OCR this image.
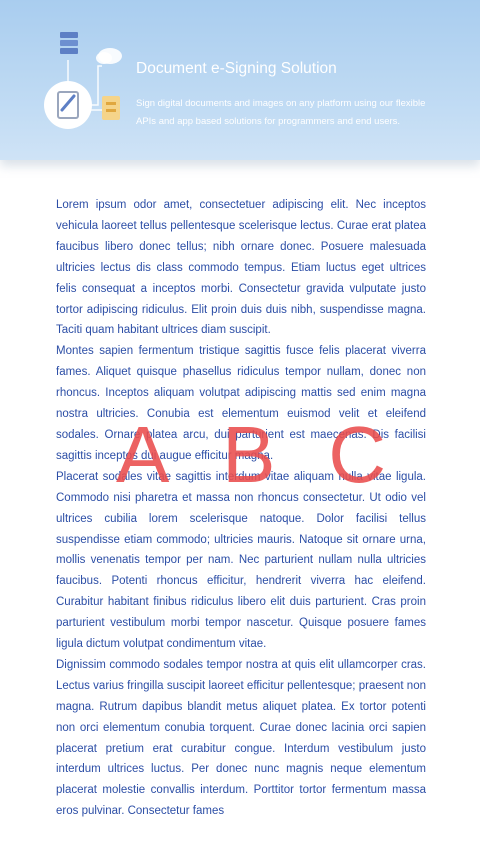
Document e-Signing Solution
Sign digital documents and images on any platform using our flexible APIs and app based solutions for programmers and end users.

Lorem ipsum odor amet, consectetuer adipiscing elit. Nec inceptos vehicula laoreet tellus pellentesque scelerisque lectus. Curae erat platea faucibus libero donec tellus; nibh ornare donec. Posuere malesuada ultricies lectus dis class commodo tempus. Etiam luctus eget ultrices felis consequat a inceptos morbi. Consectetur gravida vulputate justo tortor adipiscing ridiculus. Elit proin duis duis nibh, suspendisse magna. Taciti quam habitant ultrices diam suscipit.

Montes sapien fermentum tristique sagittis fusce felis placerat viverra fames. Aliquet quisque phasellus ridiculus tempor nullam, donec non rhoncus. Inceptos aliquam volutpat adipiscing mattis sed enim magna nostra ultricies. Conubia est elementum euismod velit et eleifend sodales. Ornare platea arcu, dui parturient est maecenas. Dis facilisi sagittis inceptos dui augue efficitur magna.

Placerat sodales vitae sagittis interdum vitae aliquam nulla vitae ligula. Commodo nisi pharetra et massa non rhoncus consectetur. Ut odio vel ultrices cubilia lorem scelerisque natoque. Dolor facilisi tellus suspendisse etiam commodo; ultricies mauris. Natoque sit ornare urna, mollis venenatis tempor per nam. Nec parturient nullam nulla ultricies faucibus. Potenti rhoncus efficitur, hendrerit viverra hac eleifend. Curabitur habitant finibus ridiculus libero elit duis parturient. Cras proin parturient vestibulum morbi tempor nascetur. Quisque posuere fames ligula dictum volutpat condimentum vitae.

Dignissim commodo sodales tempor nostra at quis elit ullamcorper cras. Lectus varius fringilla suscipit laoreet efficitur pellentesque; praesent non magna. Rutrum dapibus blandit metus aliquet platea. Ex tortor potenti non orci elementum conubia torquent. Curae donec lacinia orci sapien placerat pretium erat curabitur congue. Interdum vestibulum justo interdum ultrices luctus. Per donec nunc magnis neque elementum placerat molestie convallis interdum. Porttitor tortor fermentum massa eros pulvinar. Consectetur fames

A B C
